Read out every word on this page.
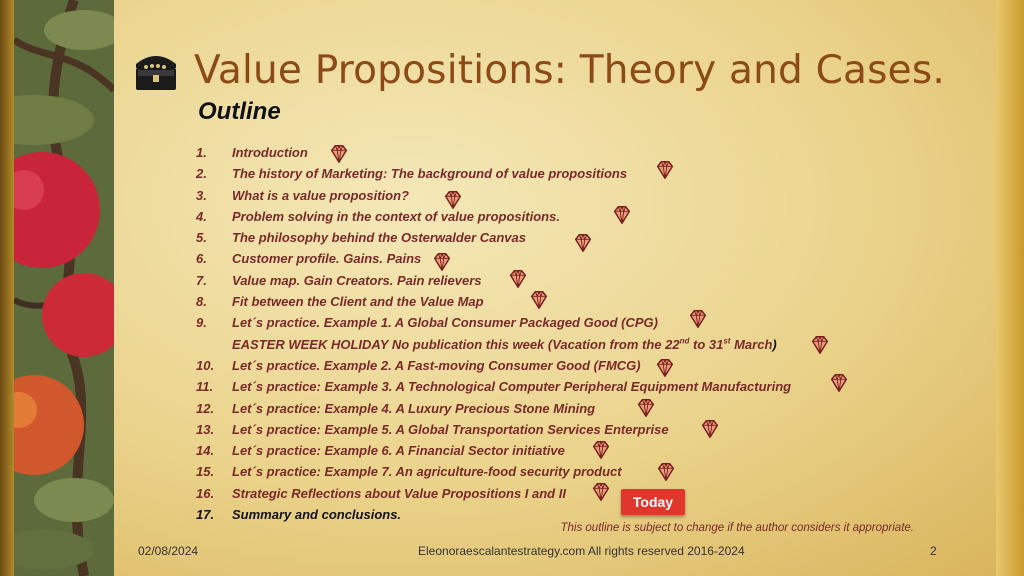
Value Propositions: Theory and Cases.
Outline
1.	Introduction
2.	The history of Marketing: The background of value propositions
3.	What is a value proposition?
4.	Problem solving in the context of value propositions.
5.	The philosophy behind the Osterwalder Canvas
6.	Customer profile. Gains. Pains
7.	Value map. Gain Creators. Pain relievers
8.	Fit between the Client and the Value Map
9.	Let´s practice. Example 1. A Global Consumer Packaged Good (CPG)
EASTER WEEK HOLIDAY No publication this week (Vacation from the 22nd to 31st March)
10.	Let´s practice. Example 2. A Fast-moving Consumer Good (FMCG)
11.	Let´s practice: Example 3. A Technological Computer Peripheral Equipment Manufacturing
12.	Let´s practice: Example 4. A Luxury Precious Stone Mining
13.	Let´s practice: Example 5. A Global Transportation Services Enterprise
14.	Let´s practice: Example 6. A Financial Sector initiative
15.	Let´s practice: Example 7. An agriculture-food security product
16.	Strategic Reflections about Value Propositions I and II
17.	Summary and conclusions.
Today
This outline is subject to change if the author considers it appropriate.
02/08/2024	Eleonoraescalantestrategy.com All rights reserved 2016-2024	2
